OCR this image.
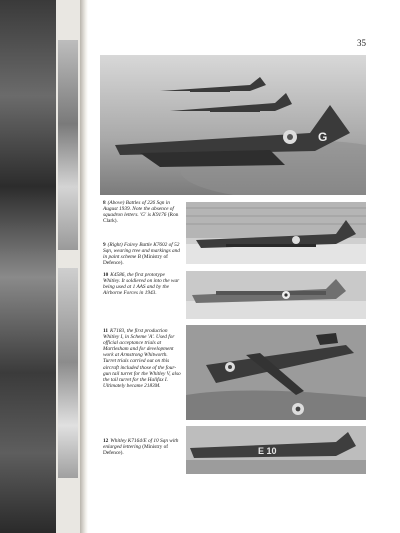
35
G
E 10
8 (Above) Battles of 226 Sqn in August 1939. Note the absence of squadron letters. 'G' is K9176 (Ron Clark).
9 (Right) Fairey Battle K7602 of 52 Sqn, wearing tree and markings and in paint scheme B (Ministry of Defence).
10 K4586, the first prototype Whitley. It soldiered on into the war being used at 1 AAS and by the Airborne Forces in 1943.
11 K7183, the first production Whitley I, in Scheme 'A'. Used for official acceptance trials at Martlesham and for development work at Armstrong Whitworth. Turret trials carried out on this aircraft included those of the four-gun tail turret for the Whitley V, also the tail turret for the Halifax I. Ultimately became 2183M.
12 Whitley K7164/E of 10 Sqn with enlarged lettering (Ministry of Defence).
